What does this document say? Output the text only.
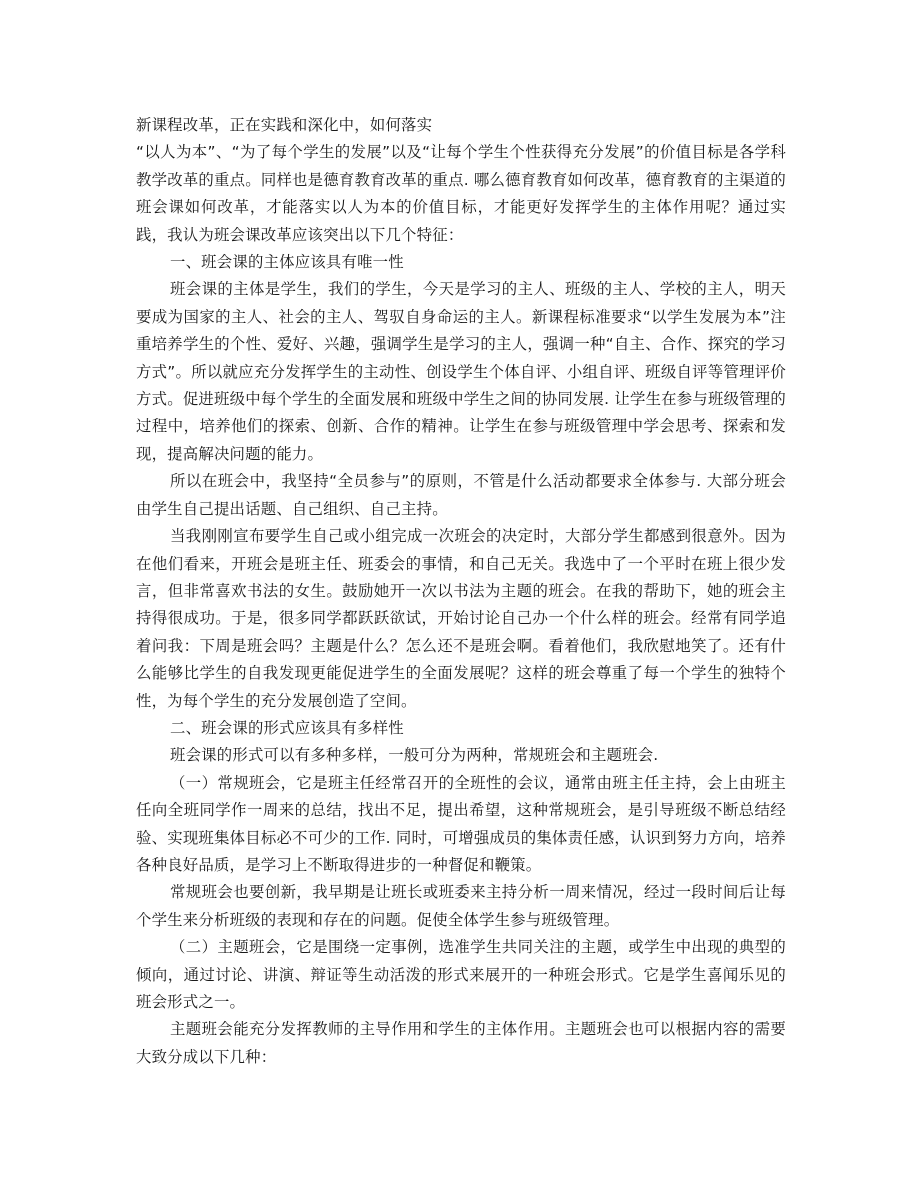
新课程改革，正在实践和深化中，如何落实

“以人为本”、“为了每个学生的发展”以及“让每个学生个性获得充分发展”的价值目标是各学科教学改革的重点。同样也是德育教育改革的重点. 哪么德育教育如何改革，德育教育的主渠道的班会课如何改革，才能落实以人为本的价值目标，才能更好发挥学生的主体作用呢？通过实践，我认为班会课改革应该突出以下几个特征：

一、班会课的主体应该具有唯一性

班会课的主体是学生，我们的学生，今天是学习的主人、班级的主人、学校的主人，明天要成为国家的主人、社会的主人、驾驭自身命运的主人。新课程标准要求“以学生发展为本”注重培养学生的个性、爱好、兴趣，强调学生是学习的主人，强调一种“自主、合作、探究的学习方式”。所以就应充分发挥学生的主动性、创设学生个体自评、小组自评、班级自评等管理评价方式。促进班级中每个学生的全面发展和班级中学生之间的协同发展. 让学生在参与班级管理的过程中，培养他们的探索、创新、合作的精神。让学生在参与班级管理中学会思考、探索和发现，提高解决问题的能力。

所以在班会中，我坚持“全员参与”的原则，不管是什么活动都要求全体参与. 大部分班会由学生自己提出话题、自己组织、自己主持。

当我刚刚宣布要学生自己或小组完成一次班会的决定时，大部分学生都感到很意外。因为在他们看来，开班会是班主任、班委会的事情，和自己无关。我选中了一个平时在班上很少发言，但非常喜欢书法的女生。鼓励她开一次以书法为主题的班会。在我的帮助下，她的班会主持得很成功。于是，很多同学都跃跃欲试，开始讨论自己办一个什么样的班会。经常有同学追着问我：下周是班会吗？主题是什么？怎么还不是班会啊。看着他们，我欣慰地笑了。还有什么能够比学生的自我发现更能促进学生的全面发展呢？这样的班会尊重了每一个学生的独特个性，为每个学生的充分发展创造了空间。

二、班会课的形式应该具有多样性

班会课的形式可以有多种多样，一般可分为两种，常规班会和主题班会.

（一）常规班会，它是班主任经常召开的全班性的会议，通常由班主任主持，会上由班主任向全班同学作一周来的总结，找出不足，提出希望，这种常规班会，是引导班级不断总结经验、实现班集体目标必不可少的工作. 同时，可增强成员的集体责任感，认识到努力方向，培养各种良好品质，是学习上不断取得进步的一种督促和鞭策。

常规班会也要创新，我早期是让班长或班委来主持分析一周来情况，经过一段时间后让每个学生来分析班级的表现和存在的问题。促使全体学生参与班级管理。

（二）主题班会，它是围绕一定事例，选准学生共同关注的主题，或学生中出现的典型的倾向，通过讨论、讲演、辩证等生动活泼的形式来展开的一种班会形式。它是学生喜闻乐见的班会形式之一。

主题班会能充分发挥教师的主导作用和学生的主体作用。主题班会也可以根据内容的需要大致分成以下几种：
